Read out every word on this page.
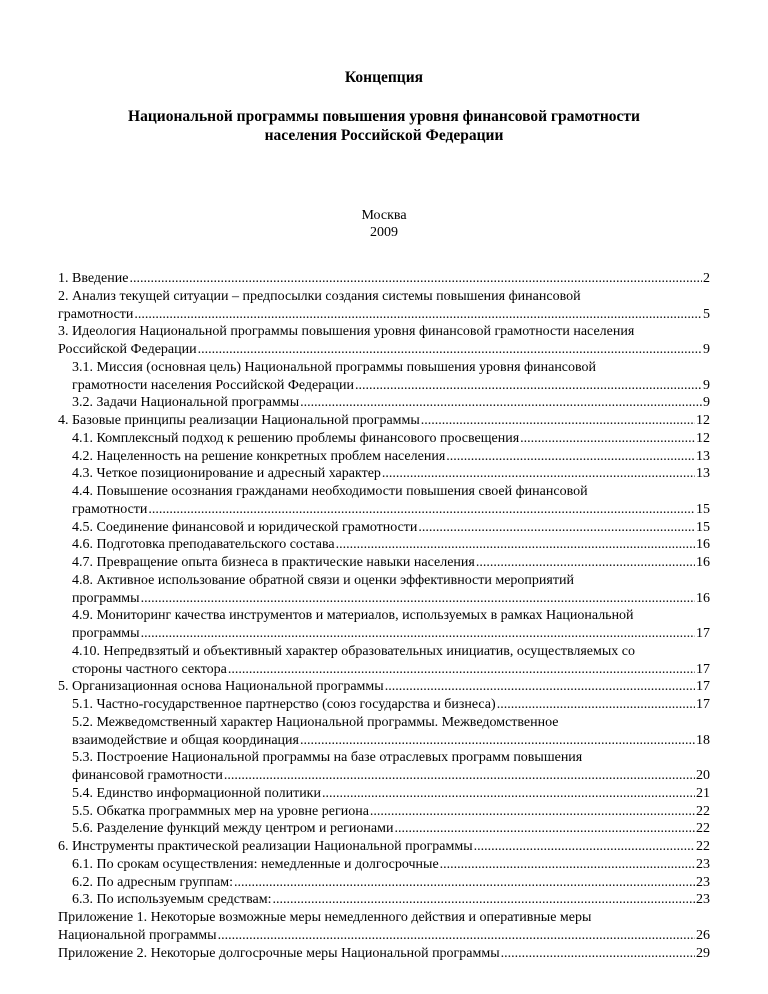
Концепция
Национальной программы повышения уровня финансовой грамотности
населения Российской Федерации
Москва
2009
1. Введение .....	2
2. Анализ текущей ситуации – предпосылки создания системы повышения финансовой
грамотности .....	5
3. Идеология Национальной программы повышения уровня финансовой грамотности населения
Российской Федерации .....	9
3.1. Миссия (основная цель) Национальной программы повышения уровня финансовой
грамотности населения Российской Федерации .....	9
3.2. Задачи Национальной программы .....	9
4. Базовые принципы реализации Национальной программы .....	12
4.1. Комплексный подход к решению проблемы финансового просвещения .....	12
4.2. Нацеленность на решение конкретных проблем населения .....	13
4.3. Четкое позиционирование и адресный характер .....	13
4.4. Повышение осознания гражданами необходимости повышения своей финансовой
грамотности .....	15
4.5. Соединение финансовой и юридической грамотности .....	15
4.6. Подготовка преподавательского состава .....	16
4.7. Превращение опыта бизнеса в практические навыки населения .....	16
4.8. Активное использование обратной связи и оценки эффективности мероприятий
программы .....	16
4.9. Мониторинг качества инструментов и материалов, используемых в рамках Национальной
программы .....	17
4.10. Непредвзятый и объективный характер образовательных инициатив, осуществляемых со
стороны частного сектора .....	17
5. Организационная основа Национальной программы .....	17
5.1. Частно-государственное партнерство (союз государства и бизнеса) .....	17
5.2. Межведомственный характер Национальной программы. Межведомственное
взаимодействие и общая координация .....	18
5.3. Построение Национальной программы на базе отраслевых программ повышения
финансовой грамотности .....	20
5.4. Единство информационной политики .....	21
5.5. Обкатка программных мер на уровне региона .....	22
5.6. Разделение функций между центром и регионами .....	22
6. Инструменты практической реализации Национальной программы .....	22
6.1. По срокам осуществления: немедленные и долгосрочные .....	23
6.2. По адресным группам: .....	23
6.3. По используемым средствам: .....	23
Приложение 1. Некоторые возможные меры немедленного действия и оперативные меры
Национальной программы .....	26
Приложение 2. Некоторые долгосрочные меры Национальной программы .....	29
